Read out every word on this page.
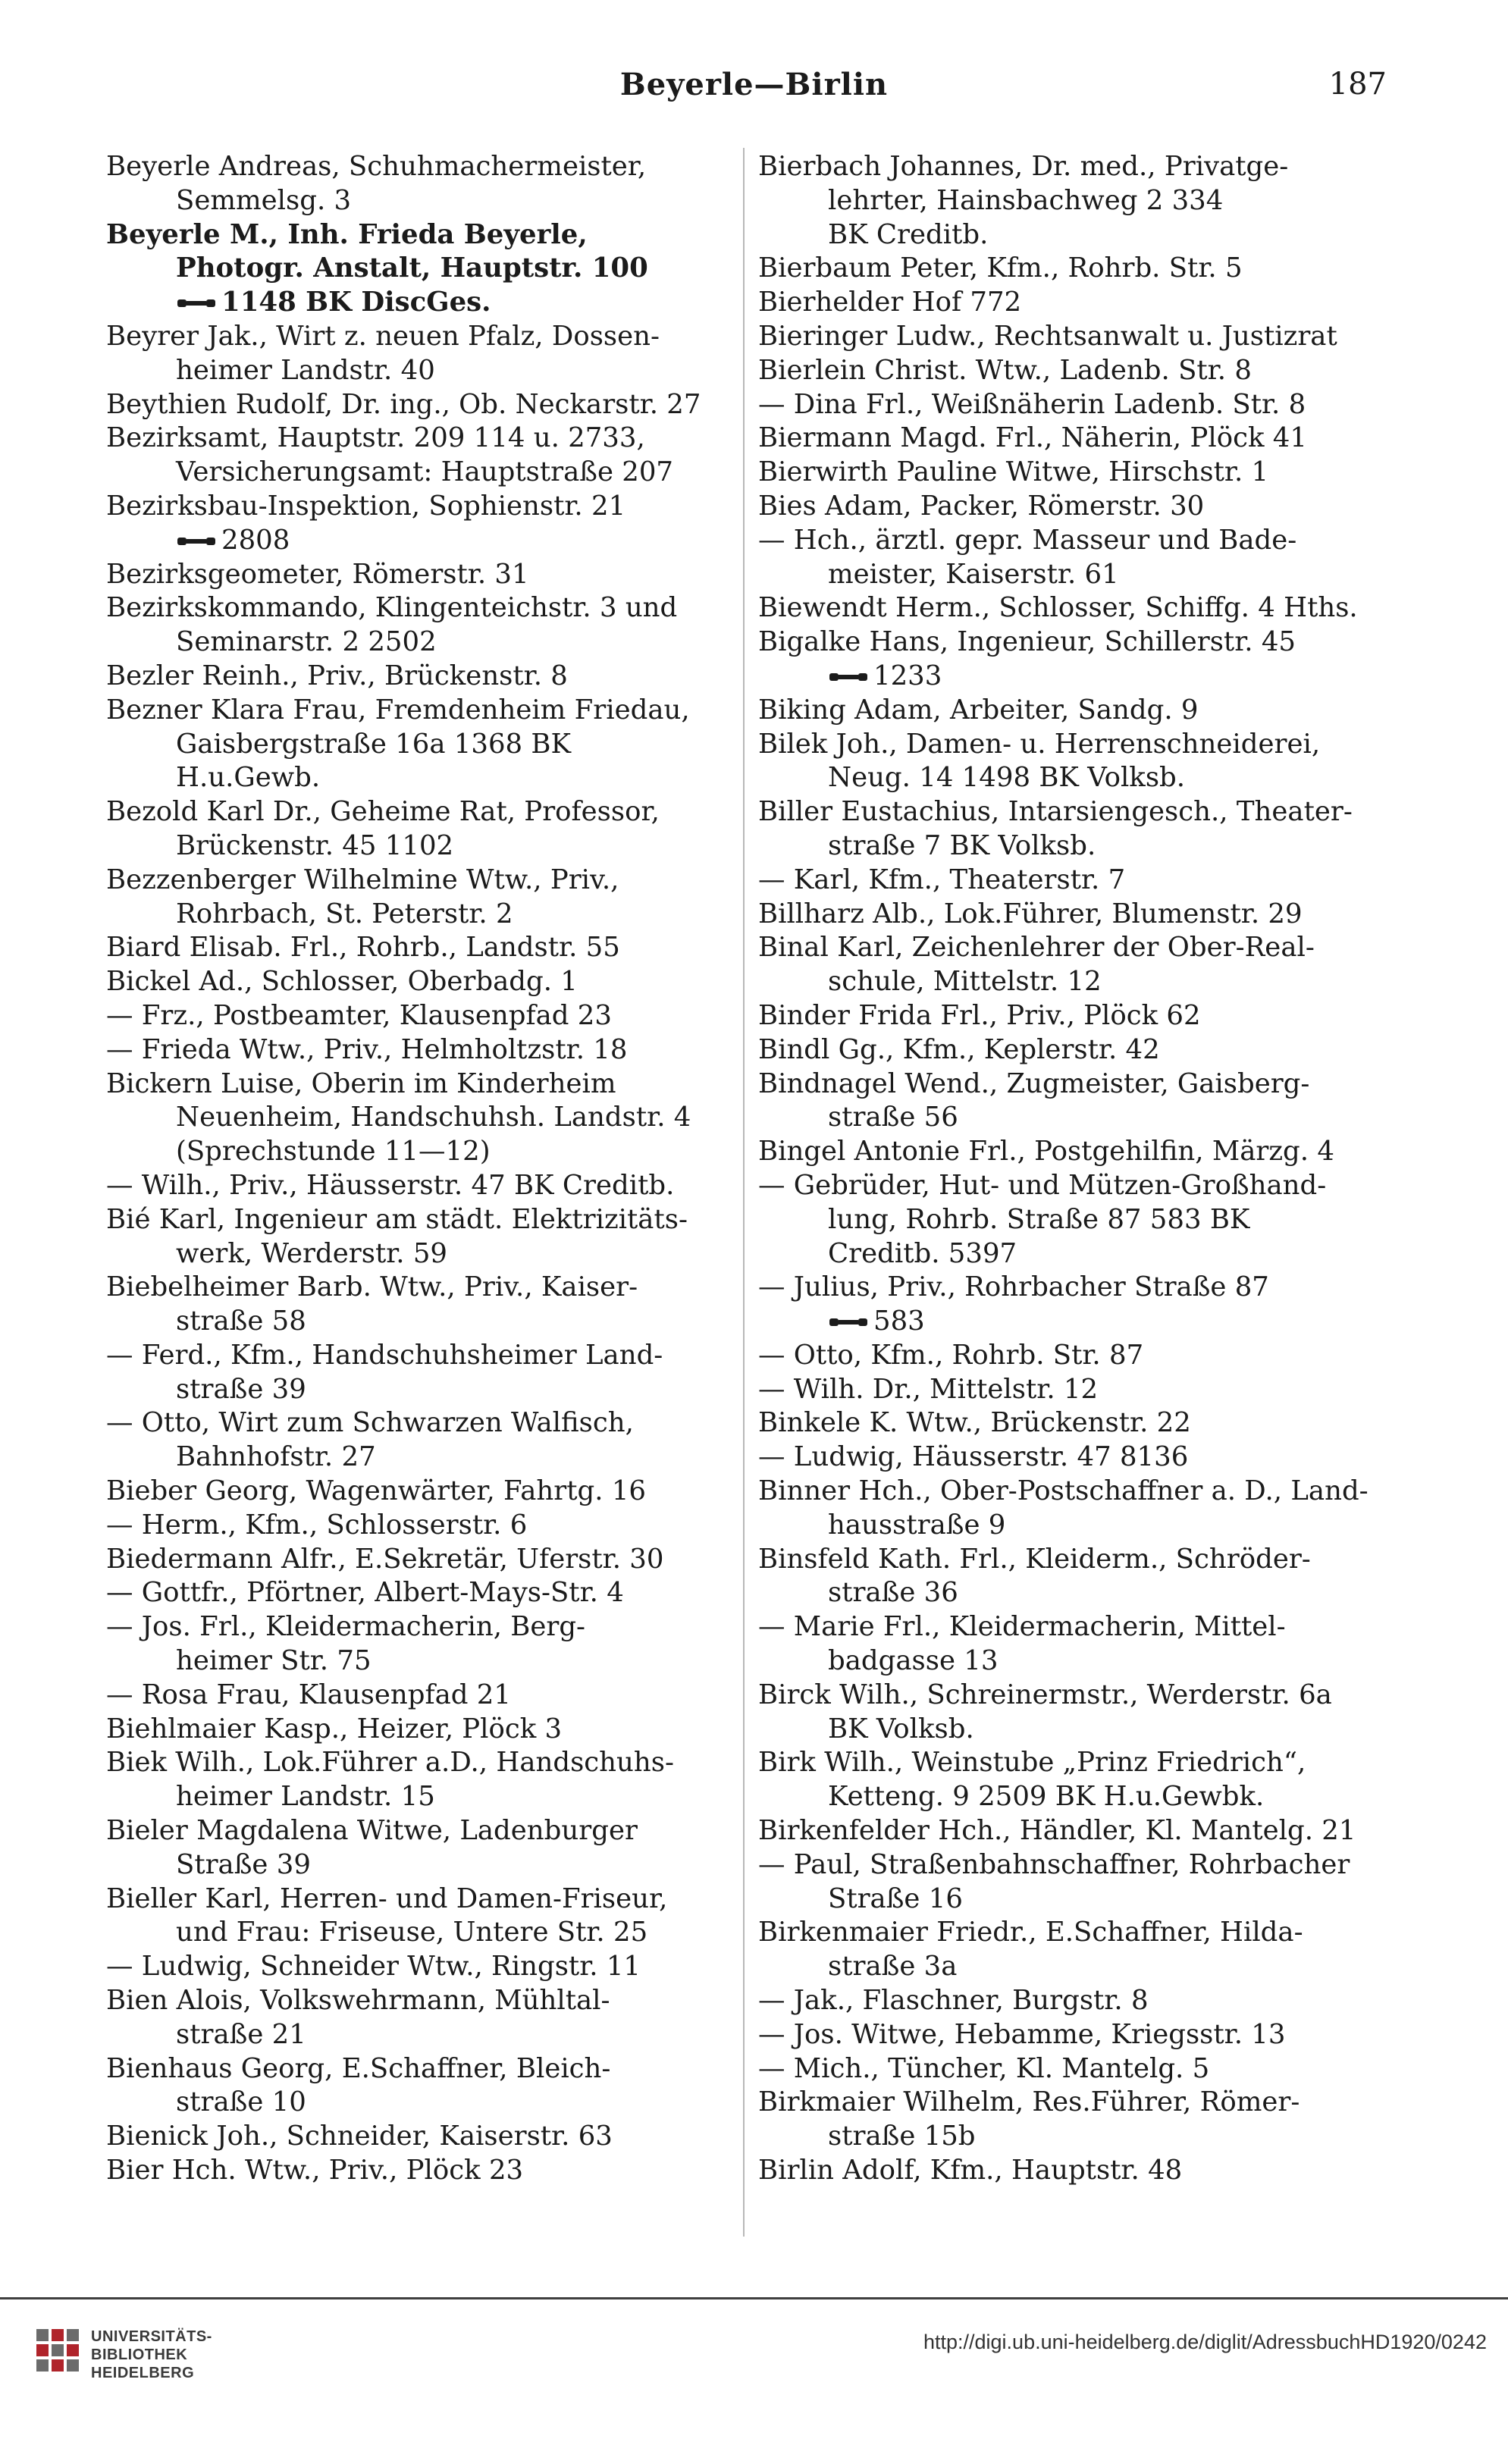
Beyerle—Birlin	187
Beyerle Andreas, Schuhmachermeister,
Semmelsg. 3
Beyerle M., Inh. Frieda Beyerle,
Photogr. Anstalt, Hauptstr. 100
1148 BK DiscGes.
Beyrer Jak., Wirt z. neuen Pfalz, Dossen-
heimer Landstr. 40
Beythien Rudolf, Dr. ing., Ob. Neckarstr. 27
Bezirksamt, Hauptstr. 209 114 u. 2733,
Versicherungsamt: Hauptstraße 207
Bezirksbau-Inspektion, Sophienstr. 21
2808
Bezirksgeometer, Römerstr. 31
Bezirkskommando, Klingenteichstr. 3 und
Seminarstr. 2 2502
Bezler Reinh., Priv., Brückenstr. 8
Bezner Klara Frau, Fremdenheim Friedau,
Gaisbergstraße 16a 1368 BK
H.u.Gewb.
Bezold Karl Dr., Geheime Rat, Professor,
Brückenstr. 45 1102
Bezzenberger Wilhelmine Wtw., Priv.,
Rohrbach, St. Peterstr. 2
Biard Elisab. Frl., Rohrb., Landstr. 55
Bickel Ad., Schlosser, Oberbadg. 1
— Frz., Postbeamter, Klausenpfad 23
— Frieda Wtw., Priv., Helmholtzstr. 18
Bickern Luise, Oberin im Kinderheim
Neuenheim, Handschuhsh. Landstr. 4
(Sprechstunde 11—12)
— Wilh., Priv., Häusserstr. 47 BK Creditb.
Bié Karl, Ingenieur am städt. Elektrizitäts-
werk, Werderstr. 59
Biebelheimer Barb. Wtw., Priv., Kaiser-
straße 58
— Ferd., Kfm., Handschuhsheimer Land-
straße 39
— Otto, Wirt zum Schwarzen Walfisch,
Bahnhofstr. 27
Bieber Georg, Wagenwärter, Fahrtg. 16
— Herm., Kfm., Schlosserstr. 6
Biedermann Alfr., E.Sekretär, Uferstr. 30
— Gottfr., Pförtner, Albert-Mays-Str. 4
— Jos. Frl., Kleidermacherin, Berg-
heimer Str. 75
— Rosa Frau, Klausenpfad 21
Biehlmaier Kasp., Heizer, Plöck 3
Biek Wilh., Lok.Führer a.D., Handschuhs-
heimer Landstr. 15
Bieler Magdalena Witwe, Ladenburger
Straße 39
Bieller Karl, Herren- und Damen-Friseur,
und Frau: Friseuse, Untere Str. 25
— Ludwig, Schneider Wtw., Ringstr. 11
Bien Alois, Volkswehrmann, Mühltal-
straße 21
Bienhaus Georg, E.Schaffner, Bleich-
straße 10
Bienick Joh., Schneider, Kaiserstr. 63
Bier Hch. Wtw., Priv., Plöck 23
Bierbach Johannes, Dr. med., Privatge-
lehrter, Hainsbachweg 2 334
BK Creditb.
Bierbaum Peter, Kfm., Rohrb. Str. 5
Bierhelder Hof 772
Bieringer Ludw., Rechtsanwalt u. Justizrat
Bierlein Christ. Wtw., Ladenb. Str. 8
— Dina Frl., Weißnäherin Ladenb. Str. 8
Biermann Magd. Frl., Näherin, Plöck 41
Bierwirth Pauline Witwe, Hirschstr. 1
Bies Adam, Packer, Römerstr. 30
— Hch., ärztl. gepr. Masseur und Bade-
meister, Kaiserstr. 61
Biewendt Herm., Schlosser, Schiffg. 4 Hths.
Bigalke Hans, Ingenieur, Schillerstr. 45
1233
Biking Adam, Arbeiter, Sandg. 9
Bilek Joh., Damen- u. Herrenschneiderei,
Neug. 14 1498 BK Volksb.
Biller Eustachius, Intarsiengesch., Theater-
straße 7 BK Volksb.
— Karl, Kfm., Theaterstr. 7
Billharz Alb., Lok.Führer, Blumenstr. 29
Binal Karl, Zeichenlehrer der Ober-Real-
schule, Mittelstr. 12
Binder Frida Frl., Priv., Plöck 62
Bindl Gg., Kfm., Keplerstr. 42
Bindnagel Wend., Zugmeister, Gaisberg-
straße 56
Bingel Antonie Frl., Postgehilfin, Märzg. 4
— Gebrüder, Hut- und Mützen-Großhand-
lung, Rohrb. Straße 87 583 BK
Creditb. 5397
— Julius, Priv., Rohrbacher Straße 87
583
— Otto, Kfm., Rohrb. Str. 87
— Wilh. Dr., Mittelstr. 12
Binkele K. Wtw., Brückenstr. 22
— Ludwig, Häusserstr. 47 8136
Binner Hch., Ober-Postschaffner a. D., Land-
hausstraße 9
Binsfeld Kath. Frl., Kleiderm., Schröder-
straße 36
— Marie Frl., Kleidermacherin, Mittel-
badgasse 13
Birck Wilh., Schreinermstr., Werderstr. 6a
BK Volksb.
Birk Wilh., Weinstube „Prinz Friedrich“,
Ketteng. 9 2509 BK H.u.Gewbk.
Birkenfelder Hch., Händler, Kl. Mantelg. 21
— Paul, Straßenbahnschaffner, Rohrbacher
Straße 16
Birkenmaier Friedr., E.Schaffner, Hilda-
straße 3a
— Jak., Flaschner, Burgstr. 8
— Jos. Witwe, Hebamme, Kriegsstr. 13
— Mich., Tüncher, Kl. Mantelg. 5
Birkmaier Wilhelm, Res.Führer, Römer-
straße 15b
Birlin Adolf, Kfm., Hauptstr. 48
UNIVERSITÄTS-
BIBLIOTHEK
HEIDELBERG
http://digi.ub.uni-heidelberg.de/diglit/AdressbuchHD1920/0242
